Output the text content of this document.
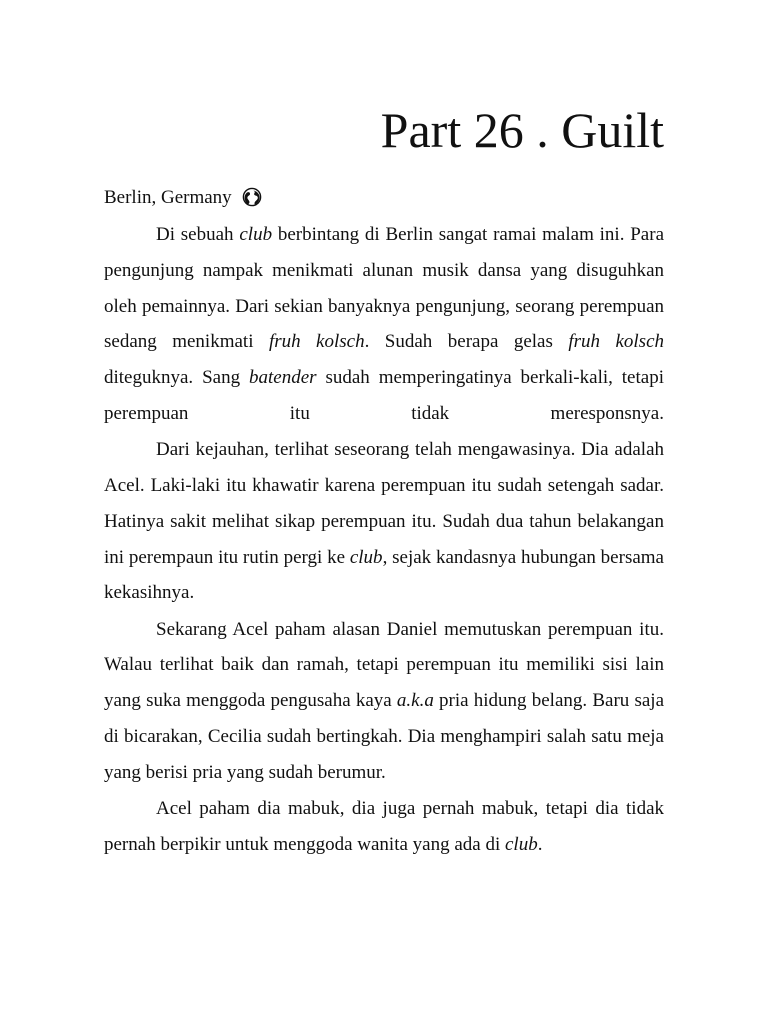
Part 26 . Guilt
Berlin, Germany

Di sebuah club berbintang di Berlin sangat ramai malam ini. Para pengunjung nampak menikmati alunan musik dansa yang disuguhkan oleh pemainnya. Dari sekian banyaknya pengunjung, seorang perempuan sedang menikmati fruh kolsch. Sudah berapa gelas fruh kolsch diteguknya. Sang batender sudah memperingatinya berkali-kali, tetapi perempuan itu tidak meresponsnya.

Dari kejauhan, terlihat seseorang telah mengawasinya. Dia adalah Acel. Laki-laki itu khawatir karena perempuan itu sudah setengah sadar. Hatinya sakit melihat sikap perempuan itu. Sudah dua tahun belakangan ini perempaun itu rutin pergi ke club, sejak kandasnya hubungan bersama kekasihnya.

Sekarang Acel paham alasan Daniel memutuskan perempuan itu. Walau terlihat baik dan ramah, tetapi perempuan itu memiliki sisi lain yang suka menggoda pengusaha kaya a.k.a pria hidung belang. Baru saja di bicarakan, Cecilia sudah bertingkah. Dia menghampiri salah satu meja yang berisi pria yang sudah berumur.

Acel paham dia mabuk, dia juga pernah mabuk, tetapi dia tidak pernah berpikir untuk menggoda wanita yang ada di club.
